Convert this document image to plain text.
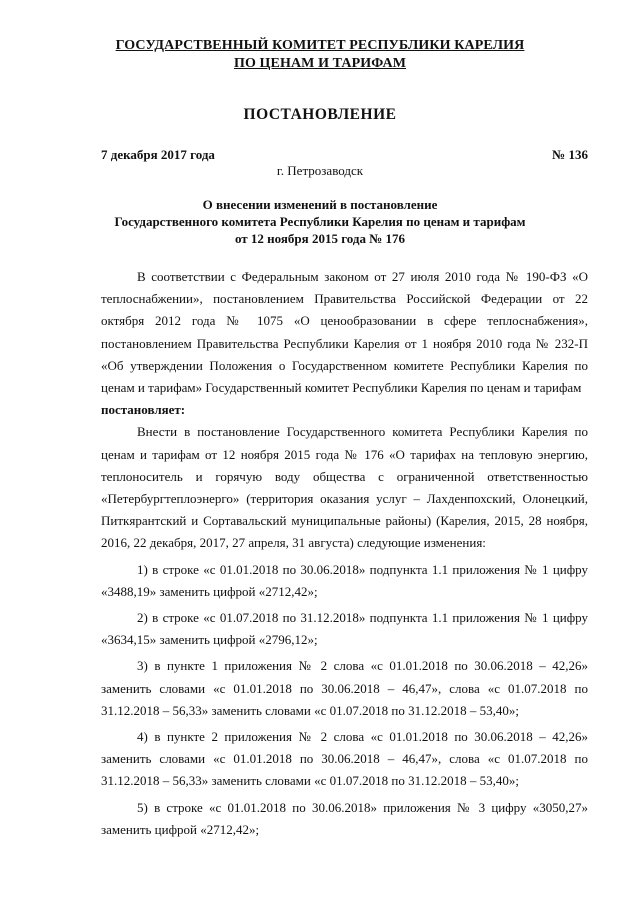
ГОСУДАРСТВЕННЫЙ КОМИТЕТ РЕСПУБЛИКИ КАРЕЛИЯ
ПО ЦЕНАМ И ТАРИФАМ
ПОСТАНОВЛЕНИЕ
7 декабря 2017 года	№ 136
г. Петрозаводск
О внесении изменений в постановление
Государственного комитета Республики Карелия по ценам и тарифам
от 12 ноября 2015 года № 176

В соответствии с Федеральным законом от 27 июля 2010 года № 190-ФЗ «О теплоснабжении», постановлением Правительства Российской Федерации от 22 октября 2012 года № 1075 «О ценообразовании в сфере теплоснабжения», постановлением Правительства Республики Карелия от 1 ноября 2010 года № 232-П «Об утверждении Положения о Государственном комитете Республики Карелия по ценам и тарифам» Государственный комитет Республики Карелия по ценам и тарифам

постановляет:

Внести в постановление Государственного комитета Республики Карелия по ценам и тарифам от 12 ноября 2015 года № 176 «О тарифах на тепловую энергию, теплоноситель и горячую воду общества с ограниченной ответственностью «Петербургтеплоэнерго» (территория оказания услуг – Лахденпохский, Олонецкий, Питкярантский и Сортавальский муниципальные районы) (Карелия, 2015, 28 ноября, 2016, 22 декабря, 2017, 27 апреля, 31 августа) следующие изменения:

1) в строке «с 01.01.2018 по 30.06.2018» подпункта 1.1 приложения № 1 цифру «3488,19» заменить цифрой «2712,42»;

2) в строке «с 01.07.2018 по 31.12.2018» подпункта 1.1 приложения № 1 цифру «3634,15» заменить цифрой «2796,12»;

3) в пункте 1 приложения № 2 слова «с 01.01.2018 по 30.06.2018 – 42,26» заменить словами «с 01.01.2018 по 30.06.2018 – 46,47», слова «с 01.07.2018 по 31.12.2018 – 56,33» заменить словами «с 01.07.2018 по 31.12.2018 – 53,40»;

4) в пункте 2 приложения № 2 слова «с 01.01.2018 по 30.06.2018 – 42,26» заменить словами «с 01.01.2018 по 30.06.2018 – 46,47», слова «с 01.07.2018 по 31.12.2018 – 56,33» заменить словами «с 01.07.2018 по 31.12.2018 – 53,40»;

5) в строке «с 01.01.2018 по 30.06.2018» приложения № 3 цифру «3050,27» заменить цифрой «2712,42»;
